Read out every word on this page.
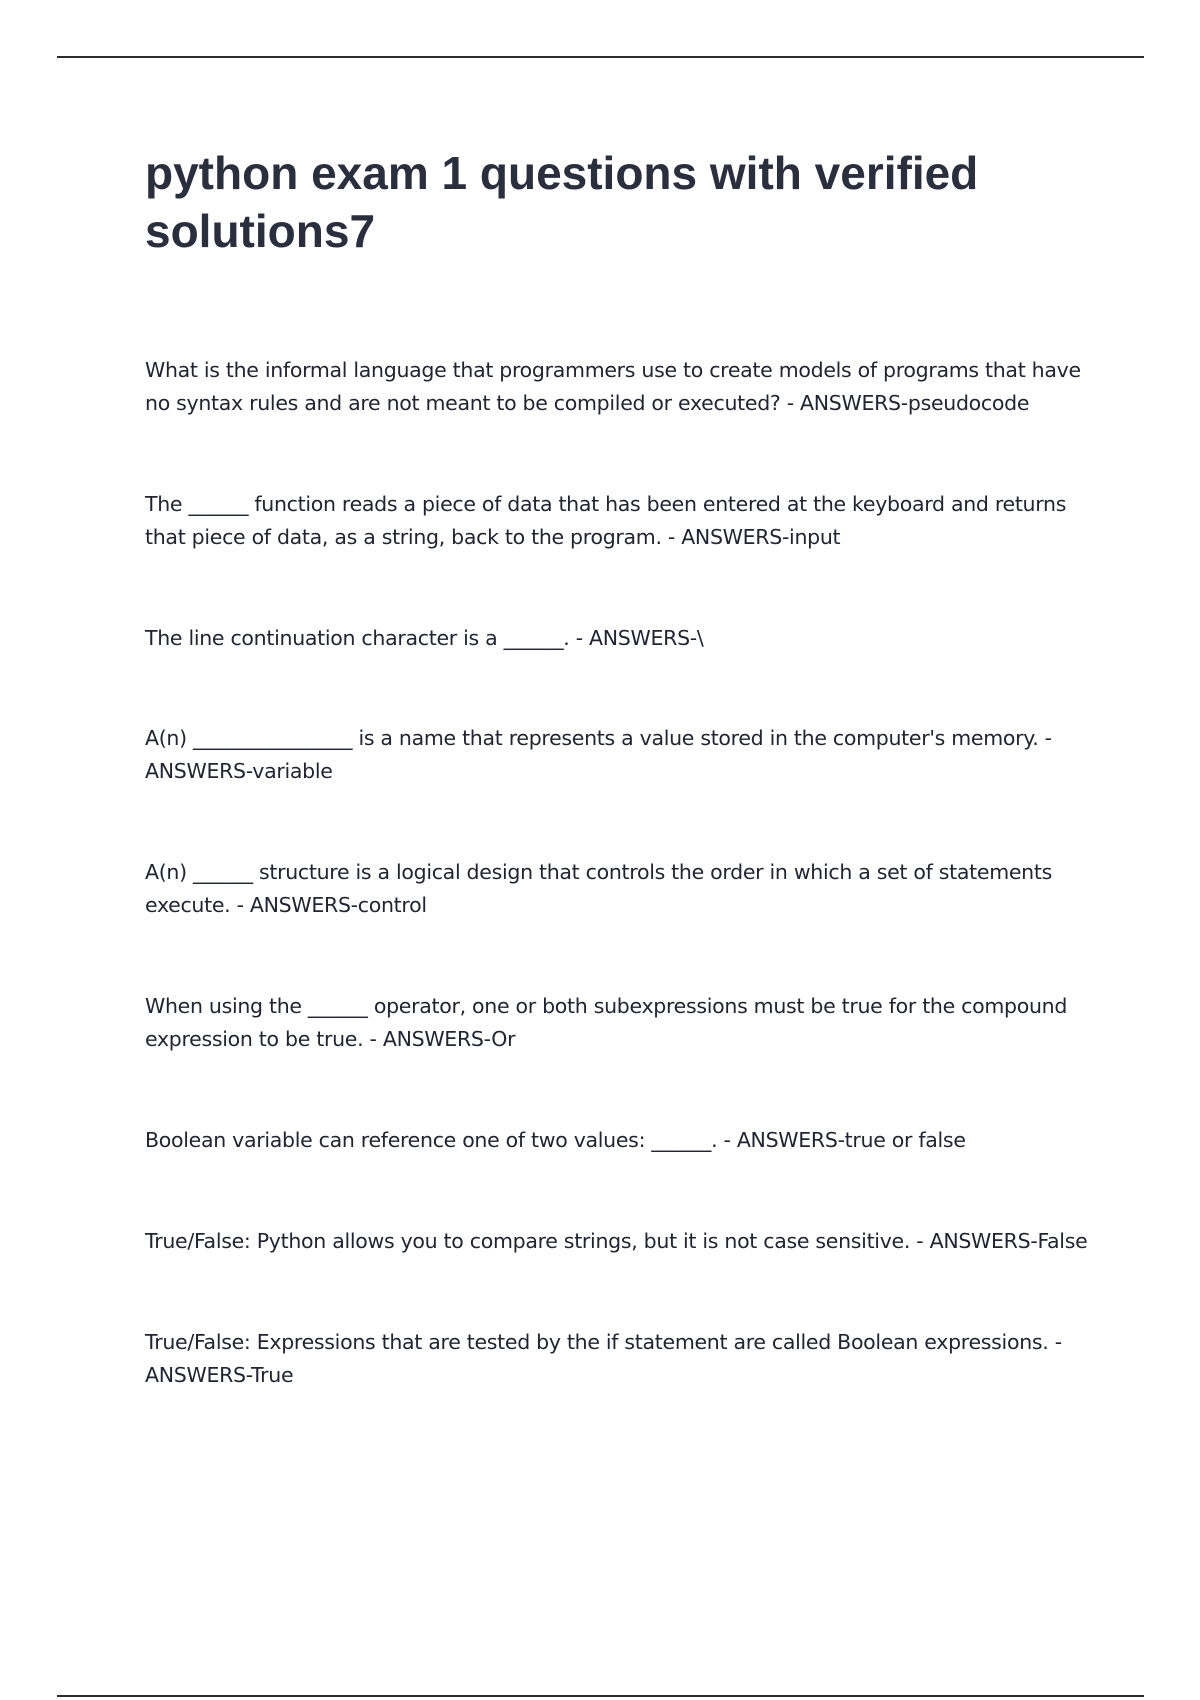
python exam 1 questions with verified solutions7
What is the informal language that programmers use to create models of programs that have no syntax rules and are not meant to be compiled or executed? - ANSWERS-pseudocode
The ______ function reads a piece of data that has been entered at the keyboard and returns that piece of data, as a string, back to the program. - ANSWERS-input
The line continuation character is a ______. - ANSWERS-\
A(n) ________________ is a name that represents a value stored in the computer's memory. - ANSWERS-variable
A(n) ______ structure is a logical design that controls the order in which a set of statements execute. - ANSWERS-control
When using the ______ operator, one or both subexpressions must be true for the compound expression to be true. - ANSWERS-Or
Boolean variable can reference one of two values: ______. - ANSWERS-true or false
True/False: Python allows you to compare strings, but it is not case sensitive. - ANSWERS-False
True/False: Expressions that are tested by the if statement are called Boolean expressions. - ANSWERS-True
